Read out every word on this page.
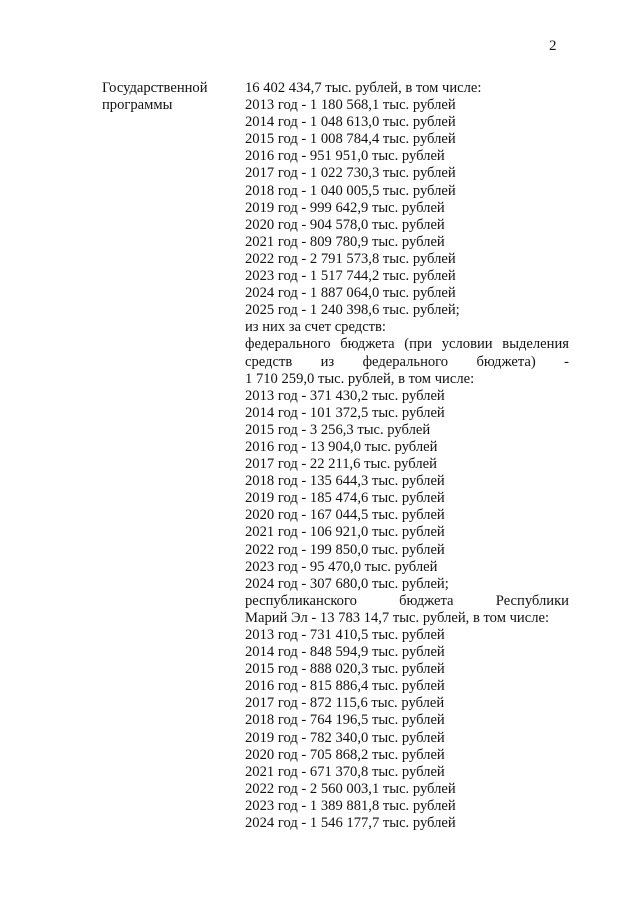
2
Государственной
программы
16 402 434,7 тыс. рублей, в том числе:
2013 год - 1 180 568,1 тыс. рублей
2014 год - 1 048 613,0 тыс. рублей
2015 год - 1 008 784,4 тыс. рублей
2016 год - 951 951,0 тыс. рублей
2017 год - 1 022 730,3 тыс. рублей
2018 год - 1 040 005,5 тыс. рублей
2019 год - 999 642,9 тыс. рублей
2020 год - 904 578,0 тыс. рублей
2021 год - 809 780,9 тыс. рублей
2022 год - 2 791 573,8 тыс. рублей
2023 год - 1 517 744,2 тыс. рублей
2024 год - 1 887 064,0 тыс. рублей
2025 год - 1 240 398,6 тыс. рублей;
из них за счет средств:
федерального бюджета (при условии выделения
средств из федерального бюджета) -
1 710 259,0 тыс. рублей, в том числе:
2013 год - 371 430,2 тыс. рублей
2014 год - 101 372,5 тыс. рублей
2015 год - 3 256,3 тыс. рублей
2016 год - 13 904,0 тыс. рублей
2017 год - 22 211,6 тыс. рублей
2018 год - 135 644,3 тыс. рублей
2019 год - 185 474,6 тыс. рублей
2020 год - 167 044,5 тыс. рублей
2021 год - 106 921,0 тыс. рублей
2022 год - 199 850,0 тыс. рублей
2023 год - 95 470,0 тыс. рублей
2024 год - 307 680,0 тыс. рублей;
республиканского бюджета Республики
Марий Эл - 13 783 14,7 тыс. рублей, в том числе:
2013 год - 731 410,5 тыс. рублей
2014 год - 848 594,9 тыс. рублей
2015 год - 888 020,3 тыс. рублей
2016 год - 815 886,4 тыс. рублей
2017 год - 872 115,6 тыс. рублей
2018 год - 764 196,5 тыс. рублей
2019 год - 782 340,0 тыс. рублей
2020 год - 705 868,2 тыс. рублей
2021 год - 671 370,8 тыс. рублей
2022 год - 2 560 003,1 тыс. рублей
2023 год - 1 389 881,8 тыс. рублей
2024 год - 1 546 177,7 тыс. рублей
